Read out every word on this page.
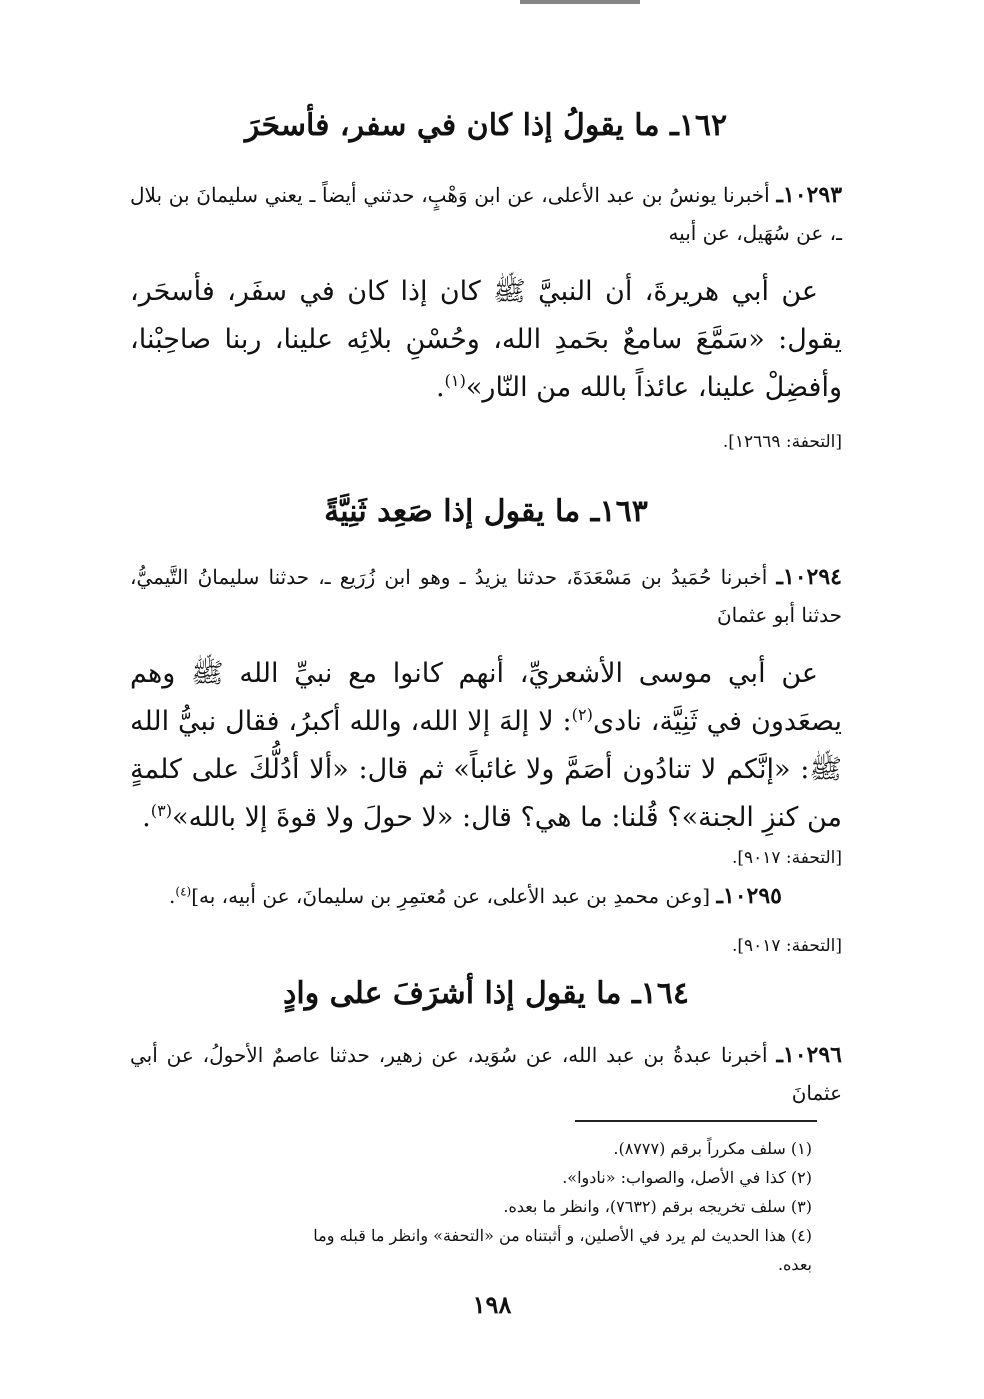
١٦٢ـ ما يقولُ إذا كان في سفر، فأسحَرَ
١٠٢٩٣ـ أخبرنا يونسُ بن عبد الأعلى، عن ابن وَهْبٍ، حدثني أيضاً ـ يعني سليمانَ بن بلال ـ، عن سُهَيل، عن أبيه
عن أبي هريرةَ، أن النبيَّ ﷺ كان إذا كان في سفَر، فأسحَر، يقول: «سَمَّعَ سامعٌ بحَمدِ الله، وحُسْنِ بلائِه علينا، ربنا صاحِبْنا، وأفضِلْ علينا، عائذاً بالله من النّار»$^{(١)}$.
[التحفة: ١٢٦٦٩].
١٦٣ـ ما يقول إذا صَعِد ثَنِيَّةً
١٠٢٩٤ـ أخبرنا حُمَيدُ بن مَسْعَدَةَ، حدثنا يزيدُ ـ وهو ابن زُرَيع ـ، حدثنا سليمانُ التَّيميُّ، حدثنا أبو عثمانَ
عن أبي موسى الأشعريِّ، أنهم كانوا مع نبيِّ الله ﷺ وهم يصعَدون في ثَنِيَّة، نادى$^{(٢)}$: لا إلهَ إلا الله، والله أكبرُ، فقال نبيُّ الله ﷺ: «إنَّكم لا تنادُون أصَمَّ ولا غائباً» ثم قال: «ألا أدُلُّكَ على كلمةٍ من كنزِ الجنة»؟ قُلنا: ما هي؟ قال: «لا حولَ ولا قوةَ إلا بالله»$^{(٣)}$.
[التحفة: ٩٠١٧].
١٠٢٩٥ـ [وعن محمدِ بن عبد الأعلى، عن مُعتمِرِ بن سليمانَ، عن أبيه، به]$^{(٤)}$.
[التحفة: ٩٠١٧].
١٦٤ـ ما يقول إذا أشرَفَ على وادٍ
١٠٢٩٦ـ أخبرنا عبدةُ بن عبد الله، عن سُوَيد، عن زهير، حدثنا عاصمٌ الأحولُ، عن أبي عثمانَ
(١) سلف مكرراً برقم (٨٧٧٧).
(٢) كذا في الأصل، والصواب: «نادوا».
(٣) سلف تخريجه برقم (٧٦٣٢)، وانظر ما بعده.
(٤) هذا الحديث لم يرد في الأصلين، و أثبتناه من «التحفة» وانظر ما قبله وما بعده.
١٩٨
